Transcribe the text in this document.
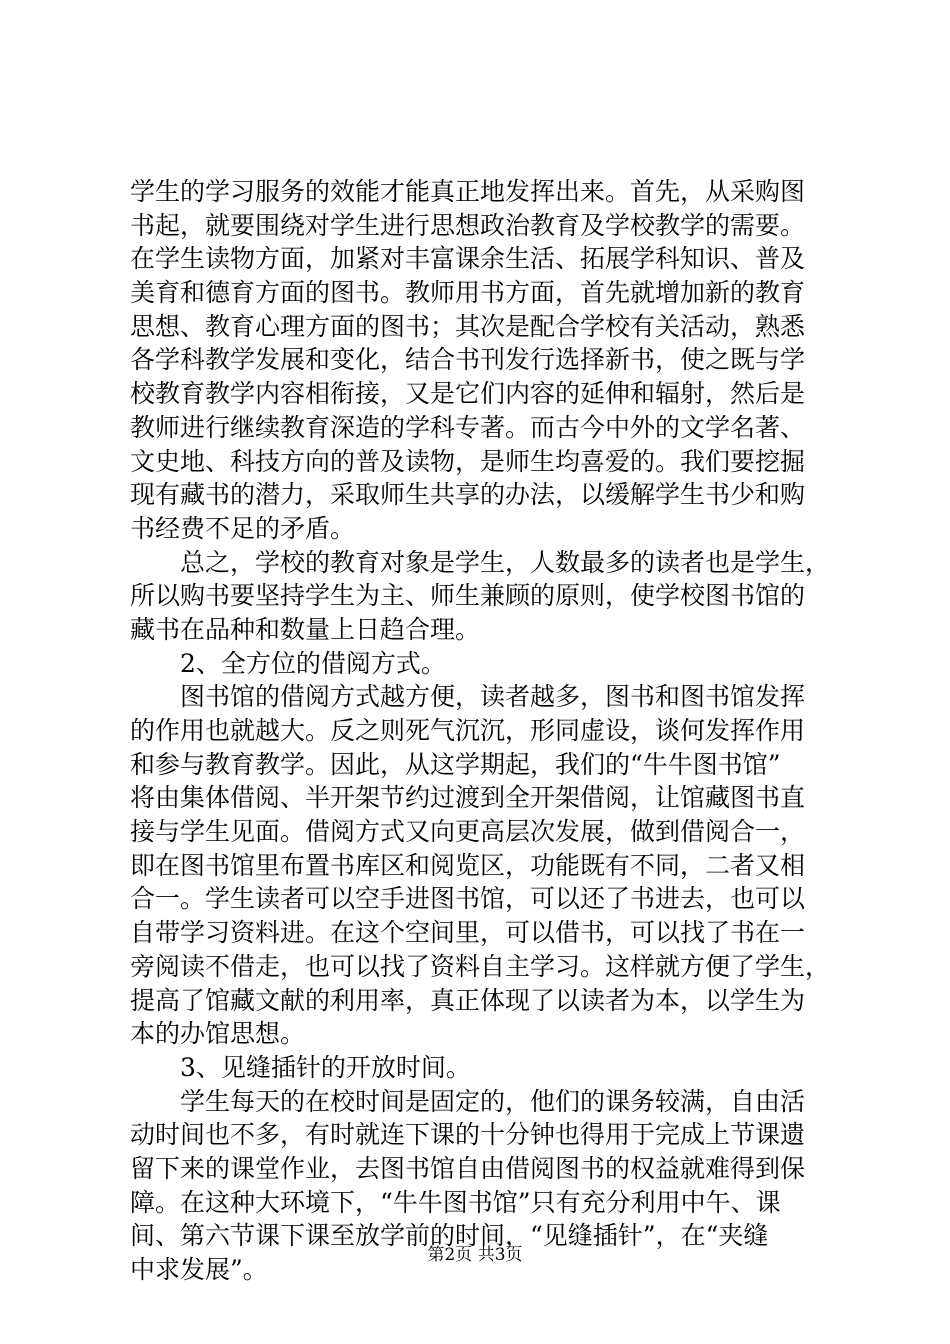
学生的学习服务的效能才能真正地发挥出来。首先，从采购图
书起，就要围绕对学生进行思想政治教育及学校教学的需要。
在学生读物方面，加紧对丰富课余生活、拓展学科知识、普及
美育和德育方面的图书。教师用书方面，首先就增加新的教育
思想、教育心理方面的图书；其次是配合学校有关活动，熟悉
各学科教学发展和变化，结合书刊发行选择新书，使之既与学
校教育教学内容相衔接，又是它们内容的延伸和辐射，然后是
教师进行继续教育深造的学科专著。而古今中外的文学名著、
文史地、科技方向的普及读物，是师生均喜爱的。我们要挖掘
现有藏书的潜力，采取师生共享的办法，以缓解学生书少和购
书经费不足的矛盾。
　　总之，学校的教育对象是学生，人数最多的读者也是学生，
所以购书要坚持学生为主、师生兼顾的原则，使学校图书馆的
藏书在品种和数量上日趋合理。
　　2、全方位的借阅方式。
　　图书馆的借阅方式越方便，读者越多，图书和图书馆发挥
的作用也就越大。反之则死气沉沉，形同虚设，谈何发挥作用
和参与教育教学。因此，从这学期起，我们的“牛牛图书馆”
将由集体借阅、半开架节约过渡到全开架借阅，让馆藏图书直
接与学生见面。借阅方式又向更高层次发展，做到借阅合一，
即在图书馆里布置书库区和阅览区，功能既有不同，二者又相
合一。学生读者可以空手进图书馆，可以还了书进去，也可以
自带学习资料进。在这个空间里，可以借书，可以找了书在一
旁阅读不借走，也可以找了资料自主学习。这样就方便了学生，
提高了馆藏文献的利用率，真正体现了以读者为本，以学生为
本的办馆思想。
　　3、见缝插针的开放时间。
　　学生每天的在校时间是固定的，他们的课务较满，自由活
动时间也不多，有时就连下课的十分钟也得用于完成上节课遗
留下来的课堂作业，去图书馆自由借阅图书的权益就难得到保
障。在这种大环境下，“牛牛图书馆”只有充分利用中午、课
间、第六节课下课至放学前的时间，“见缝插针”，在“夹缝
中求发展”。	第2页 共3页
